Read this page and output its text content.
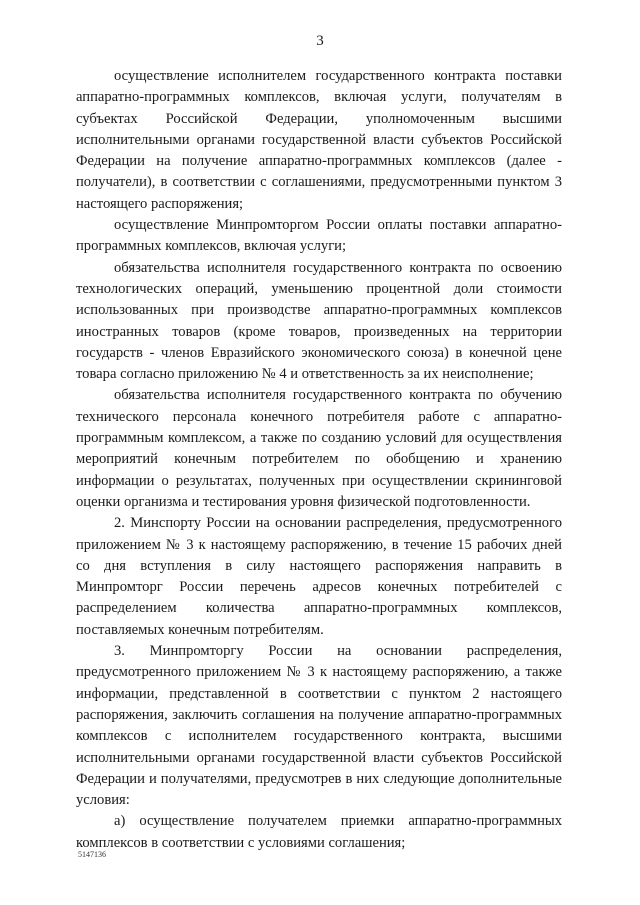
3

осуществление исполнителем государственного контракта поставки аппаратно-программных комплексов, включая услуги, получателям в субъектах Российской Федерации, уполномоченным высшими исполнительными органами государственной власти субъектов Российской Федерации на получение аппаратно-программных комплексов (далее - получатели), в соответствии с соглашениями, предусмотренными пунктом 3 настоящего распоряжения;

осуществление Минпромторгом России оплаты поставки аппаратно-программных комплексов, включая услуги;

обязательства исполнителя государственного контракта по освоению технологических операций, уменьшению процентной доли стоимости использованных при производстве аппаратно-программных комплексов иностранных товаров (кроме товаров, произведенных на территории государств - членов Евразийского экономического союза) в конечной цене товара согласно приложению № 4 и ответственность за их неисполнение;

обязательства исполнителя государственного контракта по обучению технического персонала конечного потребителя работе с аппаратно-программным комплексом, а также по созданию условий для осуществления мероприятий конечным потребителем по обобщению и хранению информации о результатах, полученных при осуществлении скрининговой оценки организма и тестирования уровня физической подготовленности.

2. Минспорту России на основании распределения, предусмотренного приложением № 3 к настоящему распоряжению, в течение 15 рабочих дней со дня вступления в силу настоящего распоряжения направить в Минпромторг России перечень адресов конечных потребителей с распределением количества аппаратно-программных комплексов, поставляемых конечным потребителям.

3. Минпромторгу России на основании распределения, предусмотренного приложением № 3 к настоящему распоряжению, а также информации, представленной в соответствии с пунктом 2 настоящего распоряжения, заключить соглашения на получение аппаратно-программных комплексов с исполнителем государственного контракта, высшими исполнительными органами государственной власти субъектов Российской Федерации и получателями, предусмотрев в них следующие дополнительные условия:

а) осуществление получателем приемки аппаратно-программных комплексов в соответствии с условиями соглашения;

5147136
